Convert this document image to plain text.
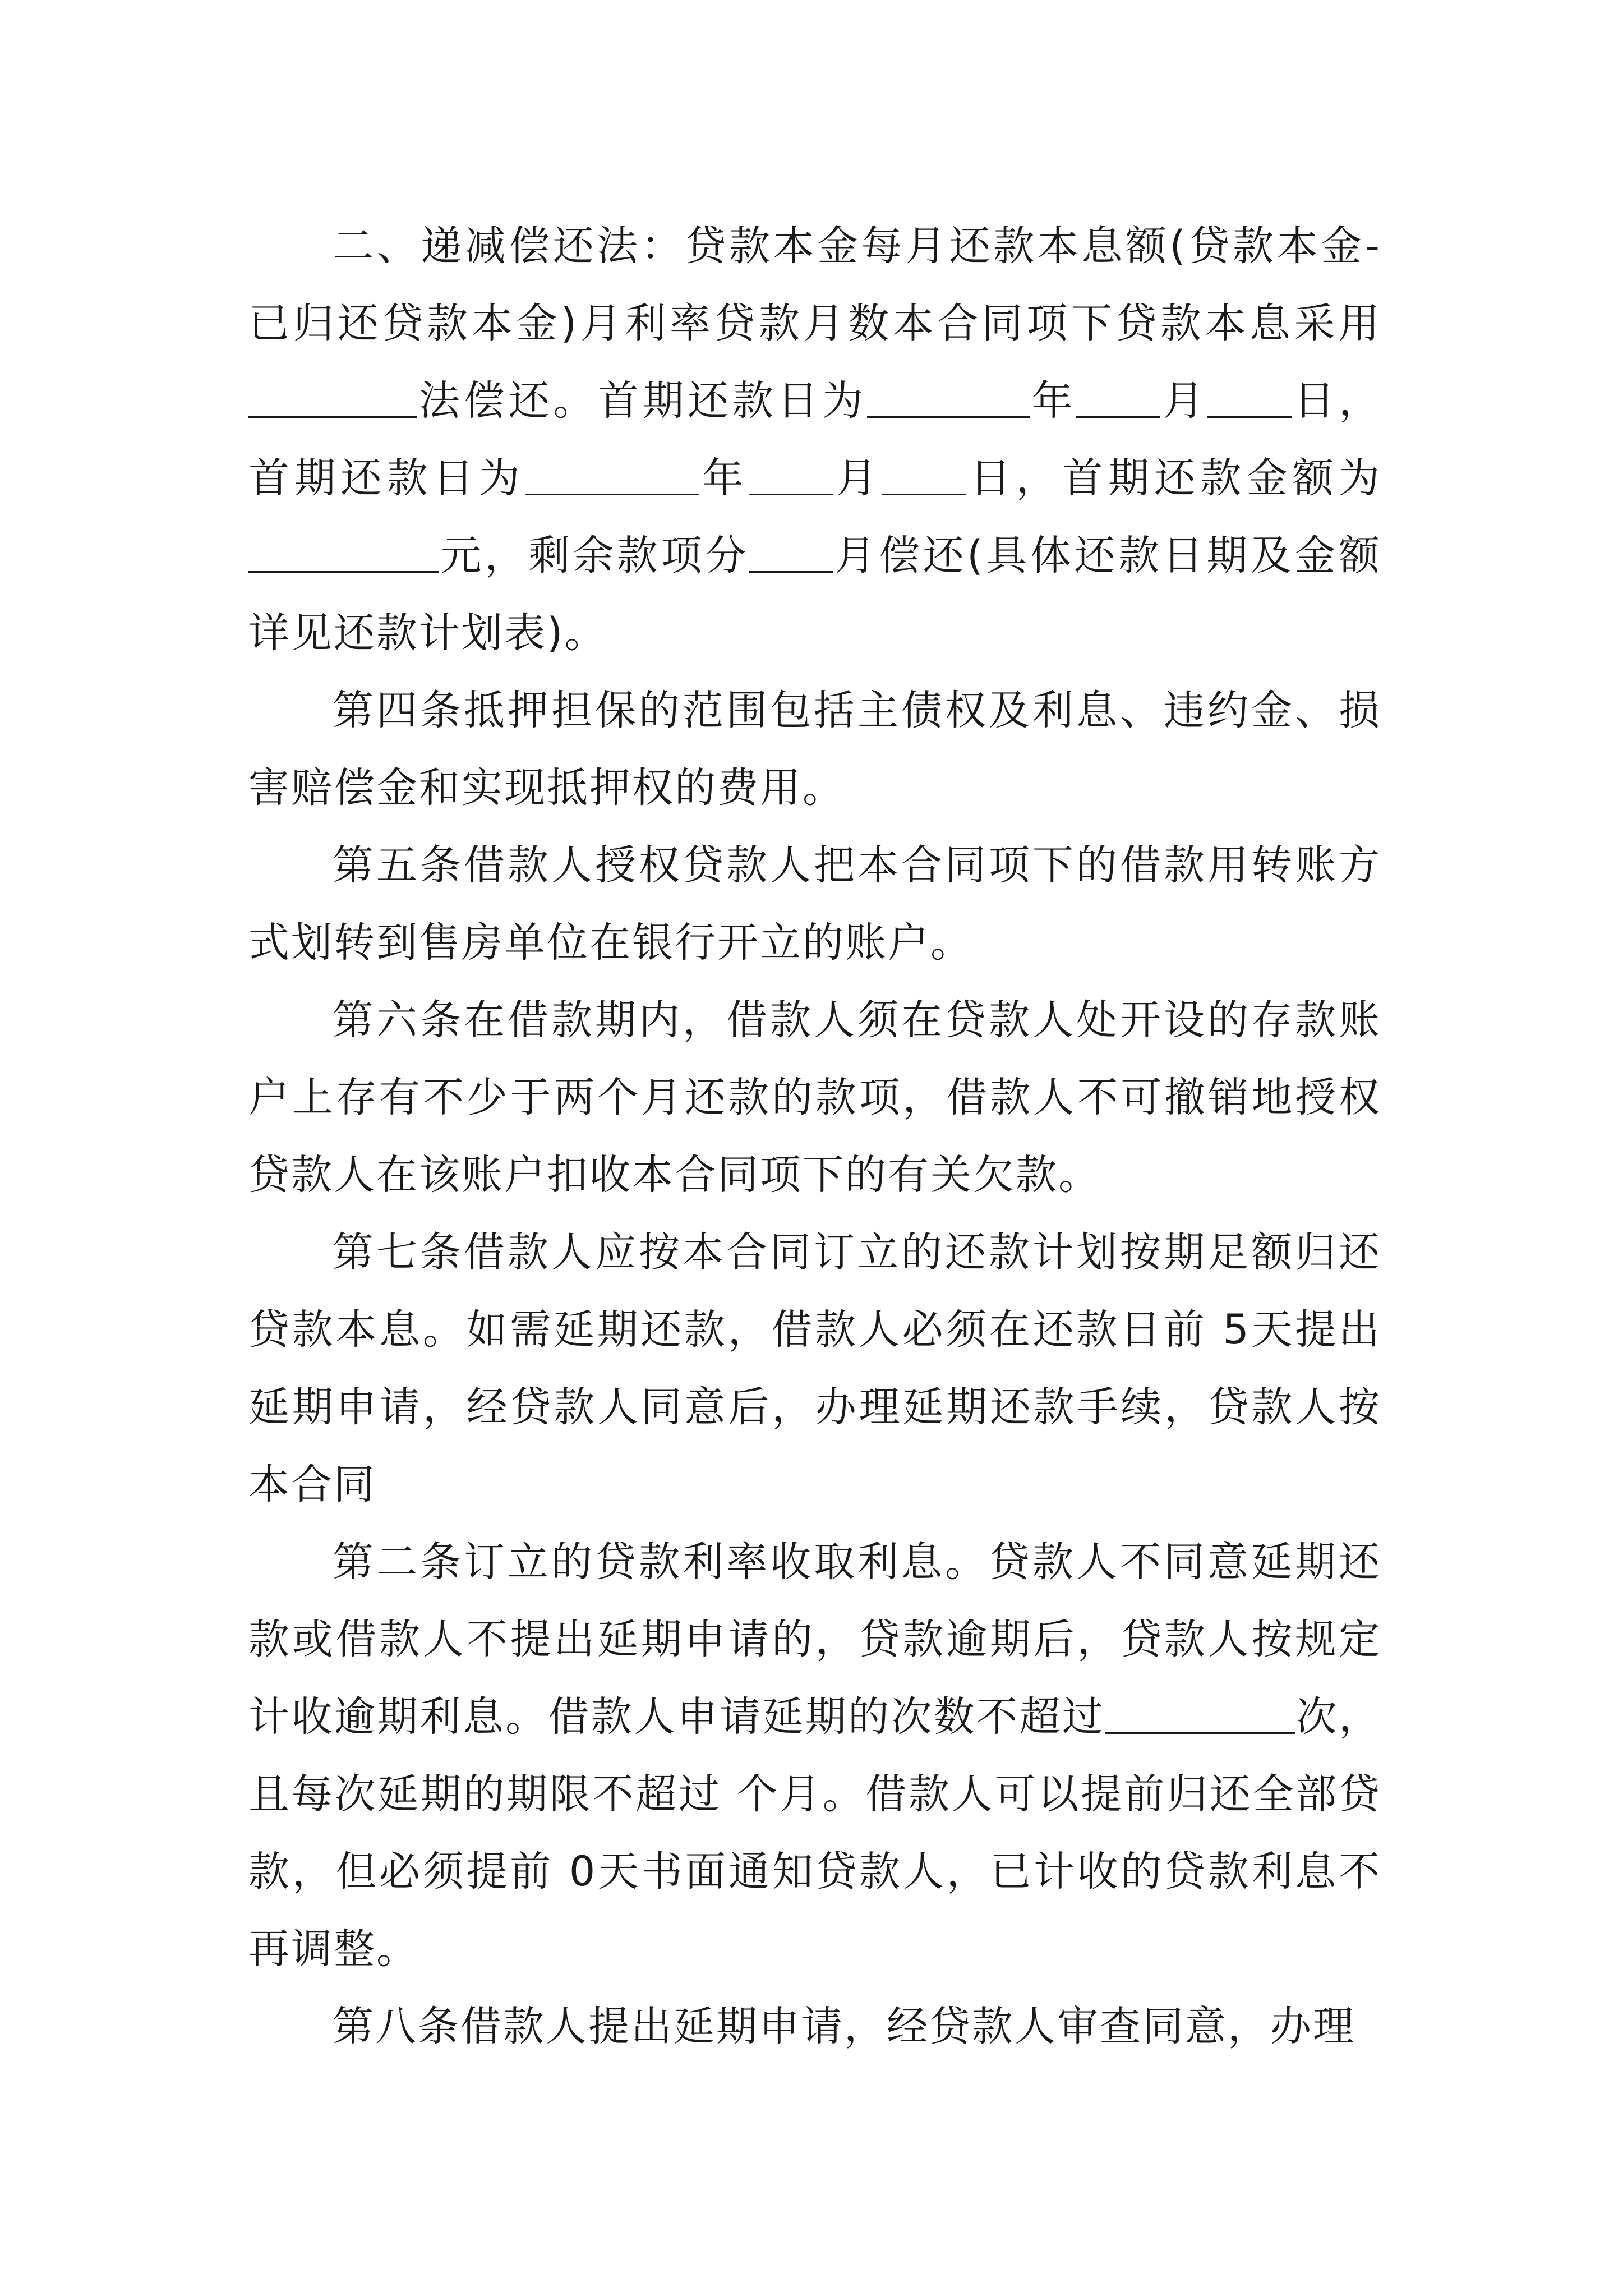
二、递减偿还法：贷款本金每月还款本息额(贷款本金-已归还贷款本金)月利率贷款月数本合同项下贷款本息采用法偿还。首期还款日为	年 月 日，首期还款日为	年 月 日，首期还款金额为元，剩余款项分 月偿还(具体还款日期及金额详见还款计划表)。

第四条抵押担保的范围包括主债权及利息、违约金、损害赔偿金和实现抵押权的费用。

第五条借款人授权贷款人把本合同项下的借款用转账方式划转到售房单位在银行开立的账户。

第六条在借款期内，借款人须在贷款人处开设的存款账户上存有不少于两个月还款的款项，借款人不可撤销地授权贷款人在该账户扣收本合同项下的有关欠款。

第七条借款人应按本合同订立的还款计划按期足额归还贷款本息。如需延期还款，借款人必须在还款日前 5天提出延期申请，经贷款人同意后，办理延期还款手续，贷款人按本合同

第二条订立的贷款利率收取利息。贷款人不同意延期还款或借款人不提出延期申请的，贷款逾期后，贷款人按规定计收逾期利息。借款人申请延期的次数不超过	次，且每次延期的期限不超过 个月。借款人可以提前归还全部贷款，但必须提前 0天书面通知贷款人，已计收的贷款利息不再调整。

第八条借款人提出延期申请，经贷款人审查同意，办理
